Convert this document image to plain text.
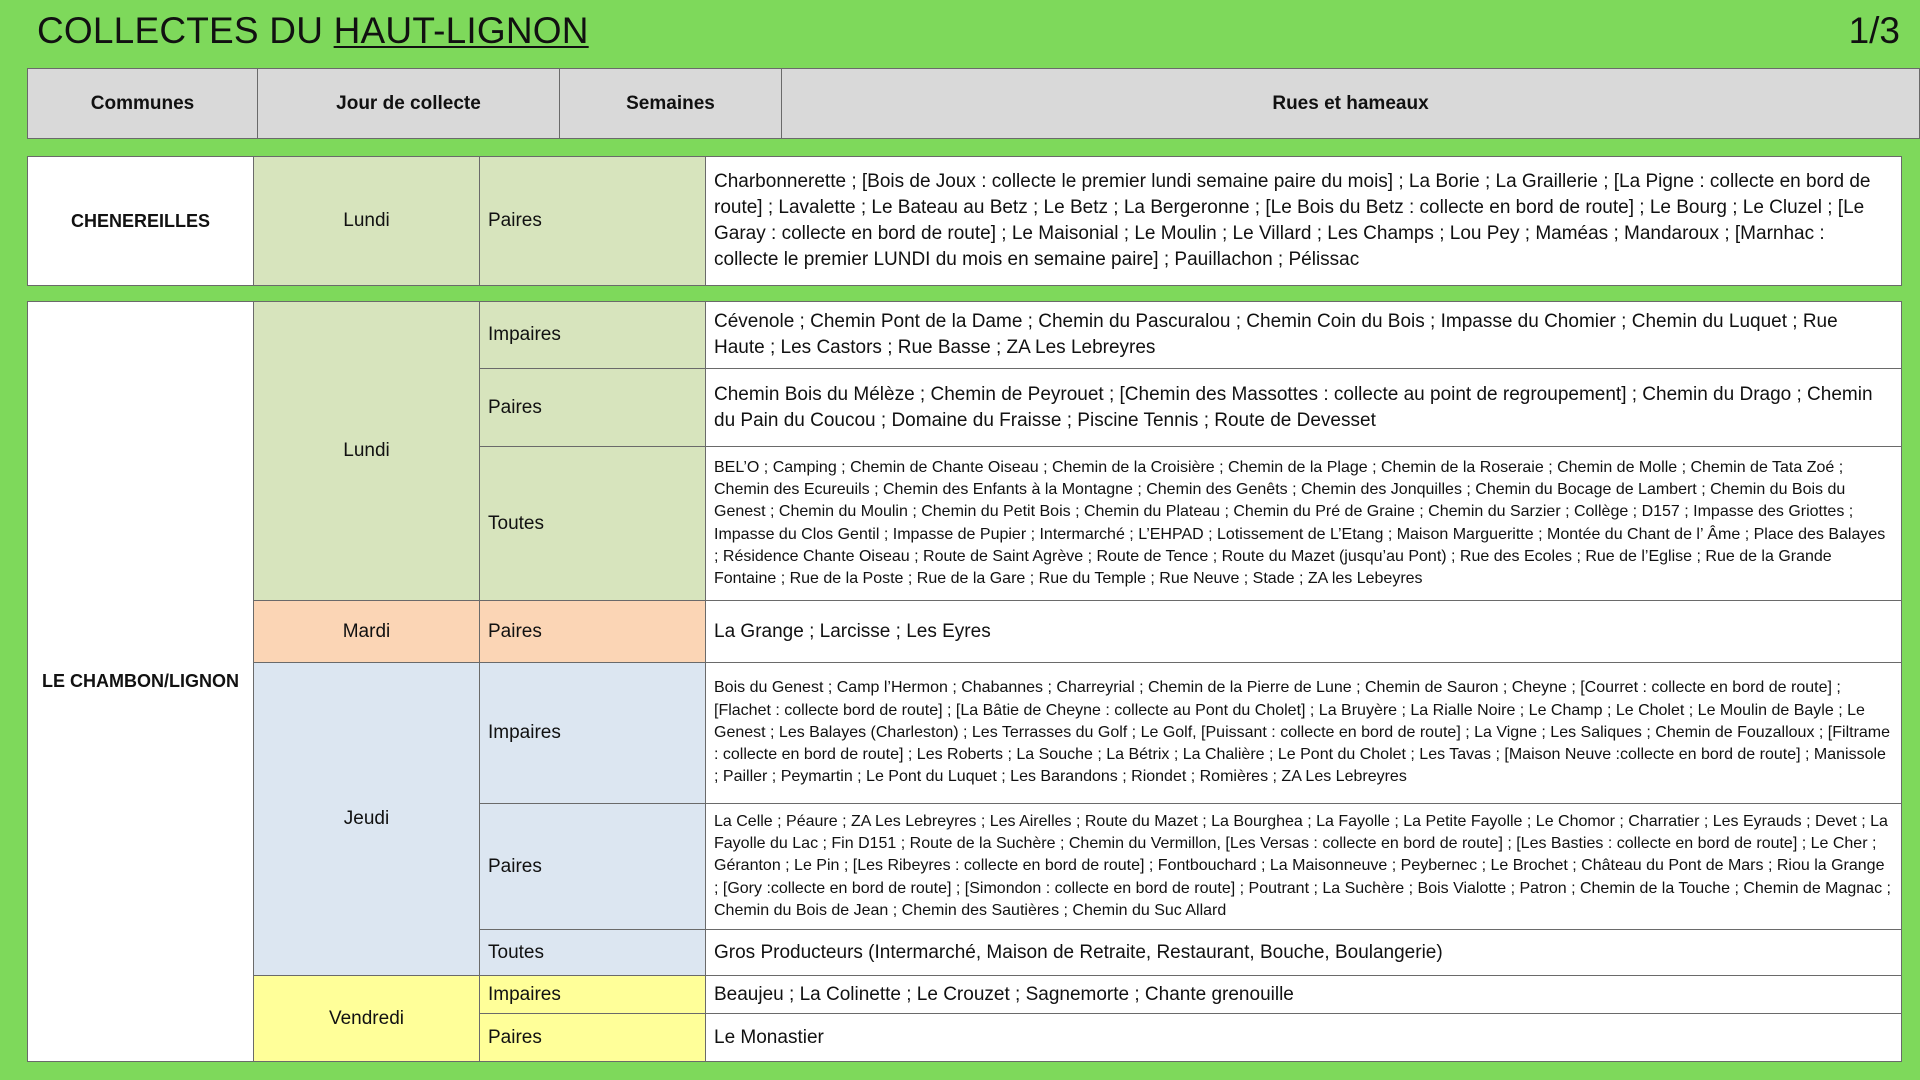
COLLECTES DU HAUT-LIGNON	1/3
Communes	Jour de collecte	Semaines	Rues et hameaux
CHENEREILLES	Lundi	Paires	Charbonnerette ; [Bois de Joux : collecte le premier lundi semaine paire du mois] ; La Borie ; La Graillerie ; [La Pigne : collecte en bord de route] ; Lavalette ; Le Bateau au Betz ; Le Betz ; La Bergeronne ; [Le Bois du Betz : collecte en bord de route] ; Le Bourg ; Le Cluzel ; [Le Garay : collecte en bord de route] ; Le Maisonial ; Le Moulin ; Le Villard ; Les Champs ; Lou Pey ; Maméas ; Mandaroux ; [Marnhac : collecte le premier LUNDI du mois en semaine paire] ; Pauillachon ; Pélissac
LE CHAMBON/LIGNON	Lundi	Impaires	Cévenole ; Chemin Pont de la Dame ; Chemin du Pascuralou ; Chemin Coin du Bois ; Impasse du Chomier ; Chemin du Luquet ; Rue Haute ; Les Castors ; Rue Basse ; ZA Les Lebreyres
		Paires	Chemin Bois du Mélèze ; Chemin de Peyrouet ; [Chemin des Massottes : collecte au point de regroupement] ; Chemin du Drago ; Chemin du Pain du Coucou ; Domaine du Fraisse ; Piscine Tennis ; Route de Devesset
		Toutes	BEL’O ; Camping ; Chemin de Chante Oiseau ; Chemin de la Croisière ; Chemin de la Plage ; Chemin de la Roseraie ; Chemin de Molle ; Chemin de Tata Zoé ; Chemin des Ecureuils ; Chemin des Enfants à la Montagne ; Chemin des Genêts ; Chemin des Jonquilles ; Chemin du Bocage de Lambert ; Chemin du Bois du Genest ; Chemin du Moulin ; Chemin du Petit Bois ; Chemin du Plateau ; Chemin du Pré de Graine ; Chemin du Sarzier ; Collège ; D157 ; Impasse des Griottes ; Impasse du Clos Gentil ; Impasse de Pupier ; Intermarché ; L’EHPAD ; Lotissement de L’Etang ; Maison Margueritte ; Montée du Chant de l’ Âme ; Place des Balayes ; Résidence Chante Oiseau ; Route de Saint Agrève ; Route de Tence ; Route du Mazet (jusqu’au Pont) ; Rue des Ecoles ; Rue de l’Eglise ; Rue de la Grande Fontaine ; Rue de la Poste ; Rue de la Gare ; Rue du Temple ; Rue Neuve ; Stade ; ZA les Lebeyres
	Mardi	Paires	La Grange ; Larcisse ; Les Eyres
	Jeudi	Impaires	Bois du Genest ; Camp l’Hermon ; Chabannes ; Charreyrial ; Chemin de la Pierre de Lune ; Chemin de Sauron ; Cheyne ; [Courret : collecte en bord de route] ; [Flachet : collecte bord de route] ; [La Bâtie de Cheyne : collecte au Pont du Cholet] ; La Bruyère ; La Rialle Noire ; Le Champ ; Le Cholet ; Le Moulin de Bayle ; Le Genest ; Les Balayes (Charleston) ; Les Terrasses du Golf ; Le Golf, [Puissant : collecte en bord de route] ; La Vigne ; Les Saliques ; Chemin de Fouzalloux ; [Filtrame : collecte en bord de route] ; Les Roberts ; La Souche ; La Bétrix ; La Chalière ; Le Pont du Cholet ; Les Tavas ; [Maison Neuve :collecte en bord de route] ; Manissole ; Pailler ; Peymartin ; Le Pont du Luquet ; Les Barandons ; Riondet ; Romières ; ZA Les Lebreyres
		Paires	La Celle ; Péaure ; ZA Les Lebreyres ; Les Airelles ; Route du Mazet ; La Bourghea ; La Fayolle ; La Petite Fayolle ; Le Chomor ; Charratier ; Les Eyrauds ; Devet ; La Fayolle du Lac ; Fin D151 ; Route de la Suchère ; Chemin du Vermillon, [Les Versas : collecte en bord de route] ; [Les Basties : collecte en bord de route] ; Le Cher ; Géranton ; Le Pin ; [Les Ribeyres : collecte en bord de route] ; Fontbouchard ; La Maisonneuve ; Peybernec ; Le Brochet ; Château du Pont de Mars ; Riou la Grange ; [Gory :collecte en bord de route] ; [Simondon : collecte en bord de route] ; Poutrant ; La Suchère ; Bois Vialotte ; Patron ; Chemin de la Touche ; Chemin de Magnac ; Chemin du Bois de Jean ; Chemin des Sautières ; Chemin du Suc Allard
		Toutes	Gros Producteurs (Intermarché, Maison de Retraite, Restaurant, Bouche, Boulangerie)
	Vendredi	Impaires	Beaujeu ; La Colinette ; Le Crouzet ; Sagnemorte ; Chante grenouille
		Paires	Le Monastier
